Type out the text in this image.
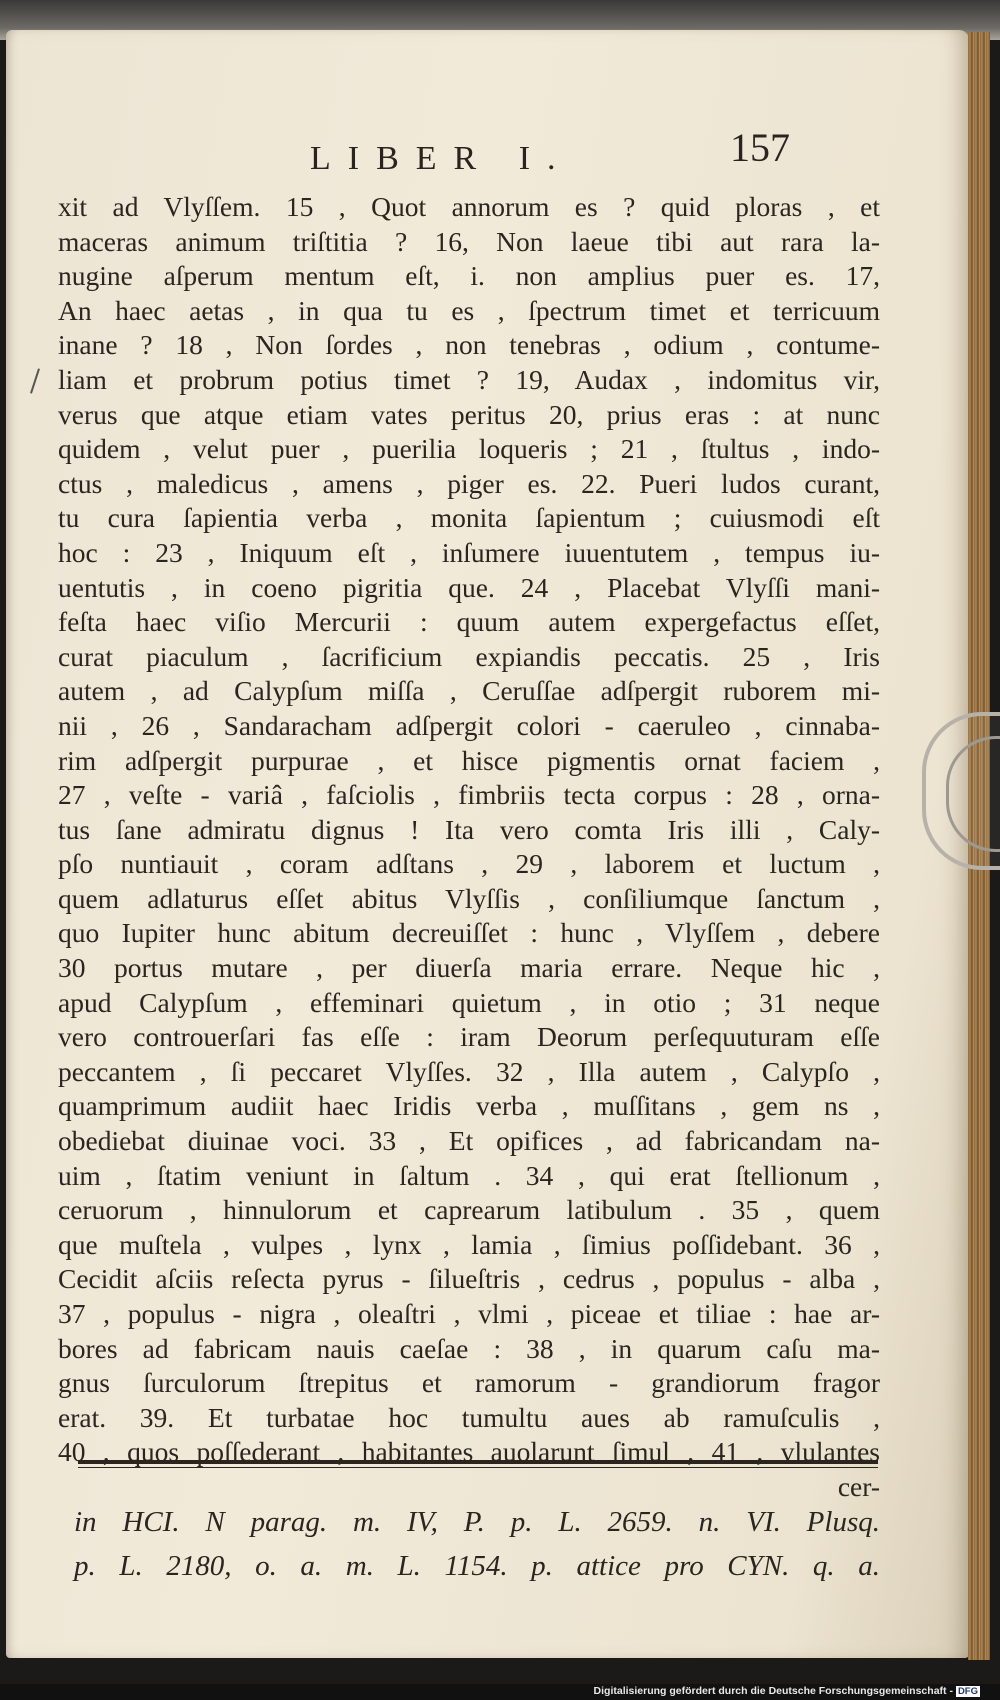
LIBER I.	157
xit ad Vlyſſem. 15 , Quot annorum es ? quid ploras , et
maceras animum triſtitia ? 16, Non laeue tibi aut rara la-
nugine aſperum mentum eſt, i. non amplius puer es. 17,
An haec aetas , in qua tu es , ſpectrum timet et terricuum
inane ? 18 , Non ſordes , non tenebras , odium , contume-
liam et probrum potius timet ? 19, Audax , indomitus vir,
verus que atque etiam vates peritus 20, prius eras : at nunc
quidem , velut puer , puerilia loqueris ; 21 , ſtultus , indo-
ctus , maledicus , amens , piger es. 22. Pueri ludos curant,
tu cura ſapientia verba , monita ſapientum ; cuiusmodi eſt
hoc : 23 , Iniquum eſt , inſumere iuuentutem , tempus iu-
uentutis , in coeno pigritia que. 24 , Placebat Vlyſſi mani-
feſta haec viſio Mercurii : quum autem expergefactus eſſet,
curat piaculum , ſacrificium expiandis peccatis. 25 , Iris
autem , ad Calypſum miſſa , Ceruſſae adſpergit ruborem mi-
nii , 26 , Sandaracham adſpergit colori - caeruleo , cinnaba-
rim adſpergit purpurae , et hisce pigmentis ornat faciem ,
27 , veſte - variâ , faſciolis , fimbriis tecta corpus : 28 , orna-
tus ſane admiratu dignus ! Ita vero comta Iris illi , Caly-
pſo nuntiauit , coram adſtans , 29 , laborem et luctum ,
quem adlaturus eſſet abitus Vlyſſis , conſiliumque ſanctum ,
quo Iupiter hunc abitum decreuiſſet : hunc , Vlyſſem , debere
30 portus mutare , per diuerſa maria errare. Neque hic ,
apud Calypſum , effeminari quietum , in otio ; 31 neque
vero controuerſari fas eſſe : iram Deorum perſequuturam eſſe
peccantem , ſi peccaret Vlyſſes. 32 , Illa autem , Calypſo ,
quamprimum audiit haec Iridis verba , muſſitans , gem ns ,
obediebat diuinae voci. 33 , Et opifices , ad fabricandam na-
uim , ſtatim veniunt in ſaltum . 34 , qui erat ſtellionum ,
ceruorum , hinnulorum et caprearum latibulum . 35 , quem
que muſtela , vulpes , lynx , lamia , ſimius poſſidebant. 36 ,
Cecidit aſciis reſecta pyrus - ſilueſtris , cedrus , populus - alba ,
37 , populus - nigra , oleaſtri , vlmi , piceae et tiliae : hae ar-
bores ad fabricam nauis caeſae : 38 , in quarum caſu ma-
gnus ſurculorum ſtrepitus et ramorum - grandiorum fragor
erat. 39. Et turbatae hoc tumultu aues ab ramuſculis ,
40 , quos poſſederant , habitantes auolarunt ſimul , 41 , vlulantes
cer-
in HCI. N parag. m. IV, P. p. L. 2659. n. VI. Plusq.
p. L. 2180, o. a. m. L. 1154. p. attice pro CYN. q. a.
Digitalisierung gefördert durch die Deutsche Forschungsgemeinschaft - DFG
